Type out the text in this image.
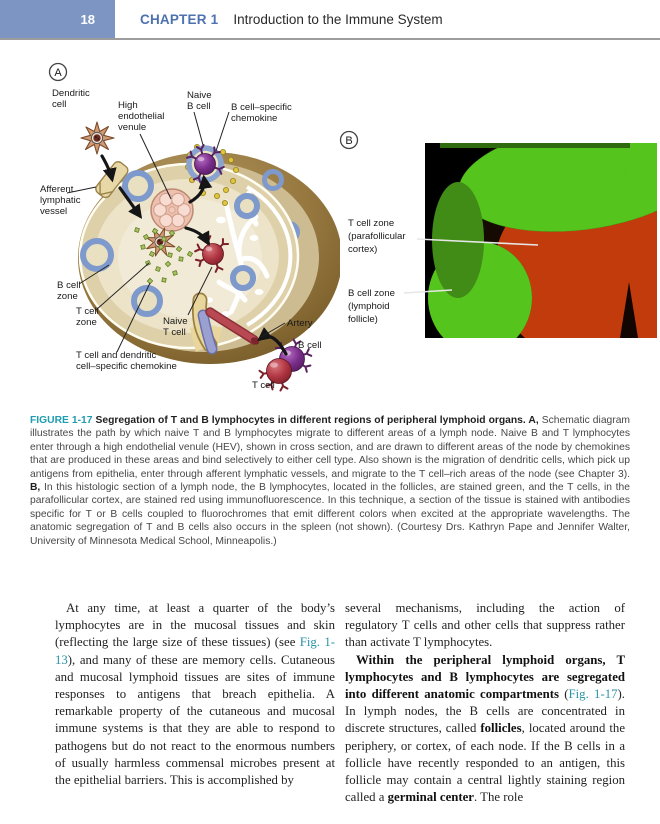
18	CHAPTER 1 Introduction to the Immune System
A
Dendritic cell	High endothelial venule
Naive B cell	B cell–specific chemokine
Afferent lymphatic vessel
B cell zone
T cell zone	Naive T cell
T cell and dendritic cell–specific chemokine
Artery
B cell
T cell
B
T cell zone (parafollicular cortex)
B cell zone (lymphoid follicle)

FIGURE 1-17 Segregation of T and B lymphocytes in different regions of peripheral lymphoid organs. A, Schematic diagram illustrates the path by which naive T and B lymphocytes migrate to different areas of a lymph node. Naive B and T lymphocytes enter through a high endothelial venule (HEV), shown in cross section, and are drawn to different areas of the node by chemokines that are produced in these areas and bind selectively to either cell type. Also shown is the migration of dendritic cells, which pick up antigens from epithelia, enter through afferent lymphatic vessels, and migrate to the T cell–rich areas of the node (see Chapter 3). B, In this histologic section of a lymph node, the B lymphocytes, located in the follicles, are stained green, and the T cells, in the parafollicular cortex, are stained red using immunofluorescence. In this technique, a section of the tissue is stained with antibodies specific for T or B cells coupled to fluorochromes that emit different colors when excited at the appropriate wavelengths. The anatomic segregation of T and B cells also occurs in the spleen (not shown). (Courtesy Drs. Kathryn Pape and Jennifer Walter, University of Minnesota Medical School, Minneapolis.)

At any time, at least a quarter of the body’s lymphocytes are in the mucosal tissues and skin (reflecting the large size of these tissues) (see Fig. 1-13), and many of these are memory cells. Cutaneous and mucosal lymphoid tissues are sites of immune responses to antigens that breach epithelia. A remarkable property of the cutaneous and mucosal immune systems is that they are able to respond to pathogens but do not react to the enormous numbers of usually harmless commensal microbes present at the epithelial barriers. This is accomplished by

several mechanisms, including the action of regulatory T cells and other cells that suppress rather than activate T lymphocytes.

Within the peripheral lymphoid organs, T lymphocytes and B lymphocytes are segregated into different anatomic compartments (Fig. 1-17). In lymph nodes, the B cells are concentrated in discrete structures, called follicles, located around the periphery, or cortex, of each node. If the B cells in a follicle have recently responded to an antigen, this follicle may contain a central lightly staining region called a germinal center. The role
